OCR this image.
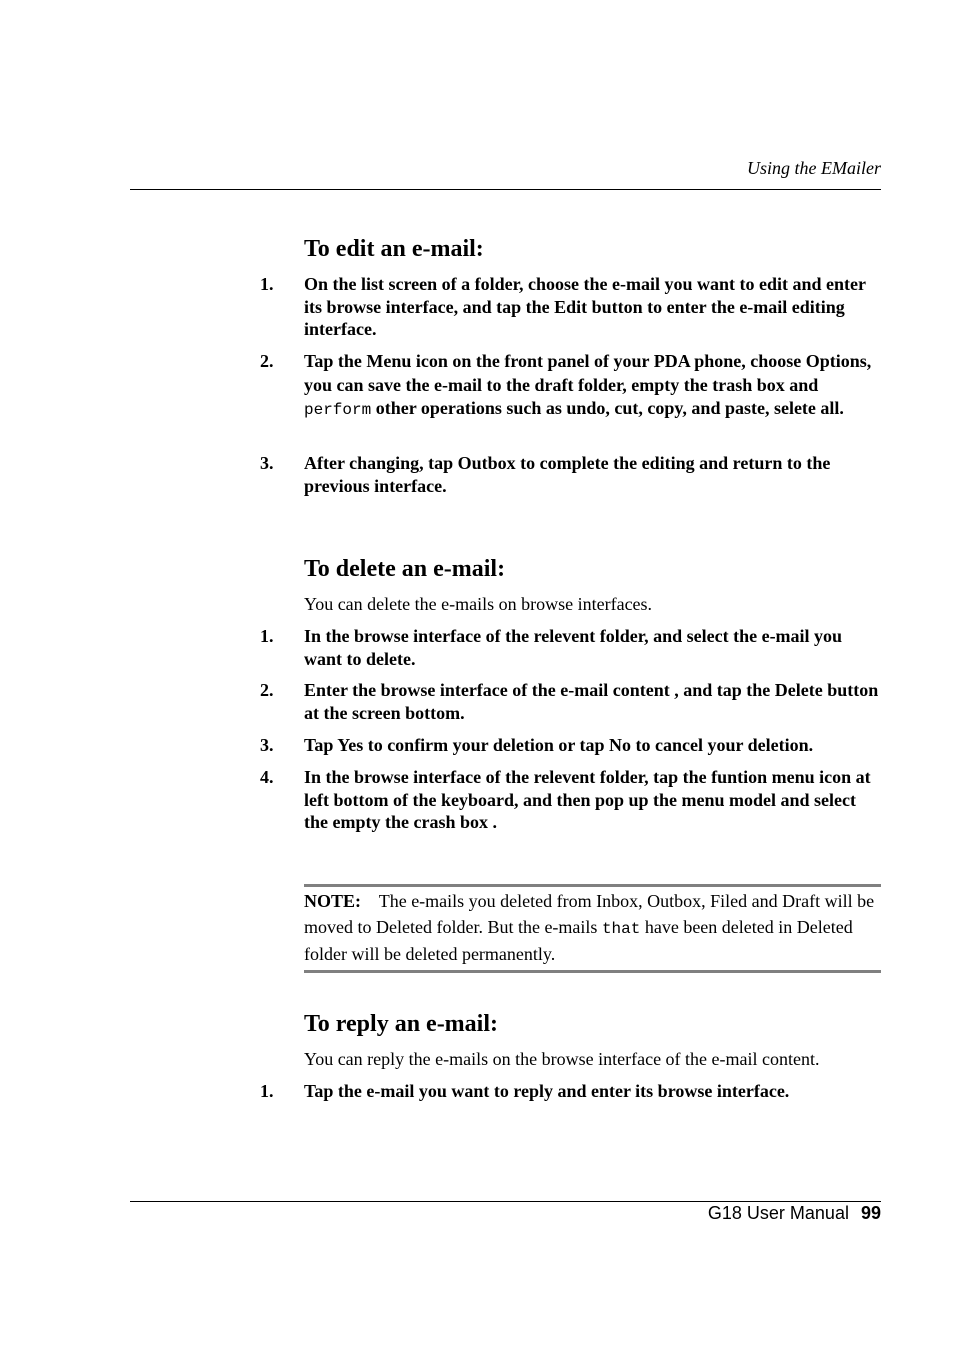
Using the EMailer
To edit an e-mail:
1. On the list screen of a folder, choose the e-mail you want to edit and enter its browse interface, and tap the Edit button to enter the e-mail editing interface.
2. Tap the Menu icon on the front panel of your PDA phone, choose Options, you can save the e-mail to the draft folder, empty the trash box and perform other operations such as undo, cut, copy, and paste, selete all.
3. After changing, tap Outbox to complete the editing and return to the previous interface.
To delete an e-mail:

You can delete the e-mails on browse interfaces.

1. In the browse interface of the relevent folder, and select the e-mail you want to delete.
2. Enter the browse interface of the e-mail content , and tap the Delete button at the screen bottom.
3. Tap Yes to confirm your deletion or tap No to cancel your deletion.
4. In the browse interface of the relevent folder, tap the funtion menu icon at left bottom of the keyboard, and then pop up the menu model and select the empty the crash box .
NOTE: The e-mails you deleted from Inbox, Outbox, Filed and Draft will be moved to Deleted folder. But the e-mails that have been deleted in Deleted folder will be deleted permanently.
To reply an e-mail:

You can reply the e-mails on the browse interface of the e-mail content.

1. Tap the e-mail you want to reply and enter its browse interface.
G18 User Manual 99
